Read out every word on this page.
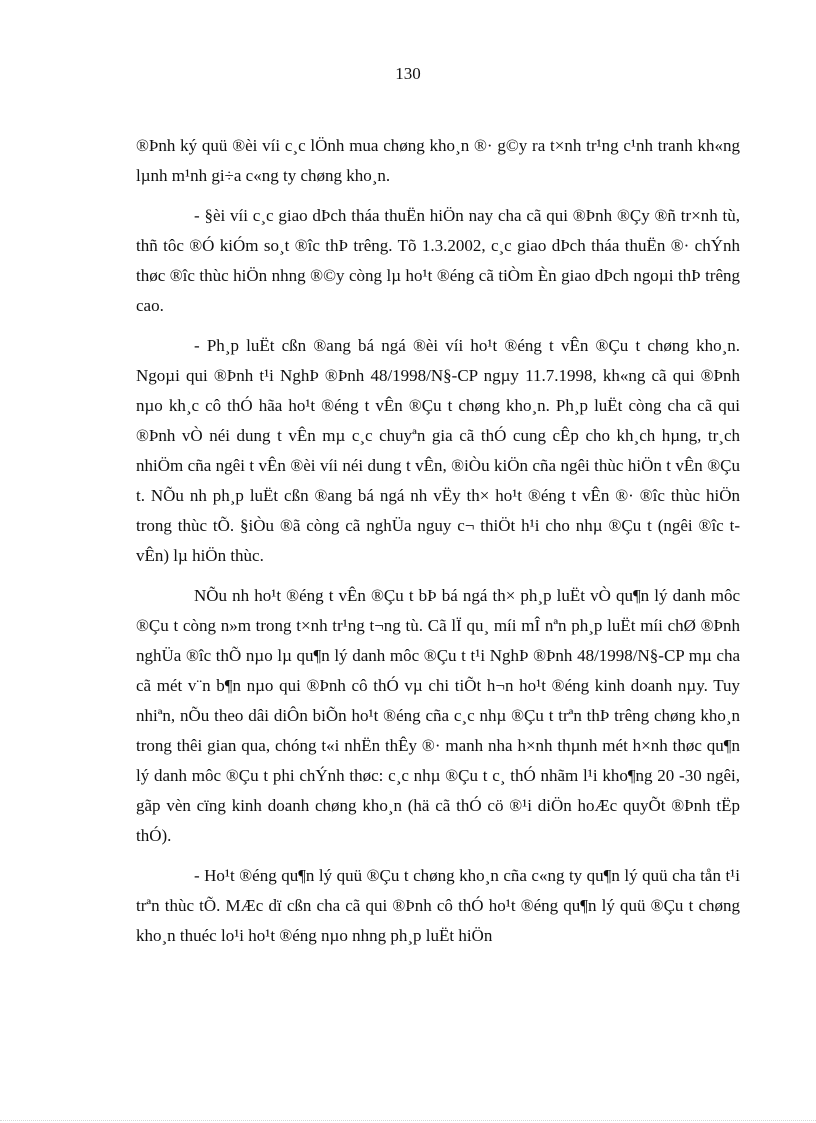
130

®Þnh ký quü ®èi víi c¸c lÖnh mua chøng kho¸n ®· g©y ra t×nh tr¹ng c¹nh tranh kh«ng lµnh m¹nh gi÷a c«ng ty chøng kho¸n.

- §èi víi c¸c giao dÞch tháa thuËn hiÖn nay cha cã qui ®Þnh ®Çy ®ñ tr×nh tù, thñ tôc ®Ó kiÓm so¸t ®îc thÞ trêng. Tõ 1.3.2002, c¸c giao dÞch tháa thuËn ®· chÝnh thøc ®îc thùc hiÖn nhng ®©y còng lµ ho¹t ®éng cã tiÒm Èn giao dÞch ngoµi thÞ trêng cao.

- Ph¸p luËt cßn ®ang bá ngá ®èi víi ho¹t ®éng t vÊn ®Çu t chøng kho¸n. Ngoµi qui ®Þnh t¹i NghÞ ®Þnh 48/1998/N§-CP ngµy 11.7.1998, kh«ng cã qui ®Þnh nµo kh¸c cô thÓ hãa ho¹t ®éng t vÊn ®Çu t chøng kho¸n. Ph¸p luËt còng cha cã qui ®Þnh vÒ néi dung t vÊn mµ c¸c chuyªn gia cã thÓ cung cÊp cho kh¸ch hµng, tr¸ch nhiÖm cña ngêi t vÊn ®èi víi néi dung t vÊn, ®iÒu kiÖn cña ngêi thùc hiÖn t vÊn ®Çu t. NÕu nh ph¸p luËt cßn ®ang bá ngá nh vËy th× ho¹t ®éng t vÊn ®· ®îc thùc hiÖn trong thùc tÕ. §iÒu ®ã còng cã nghÜa nguy c¬ thiÖt h¹i cho nhµ ®Çu t (ngêi ®îc t vÊn) lµ hiÖn thùc.

NÕu nh ho¹t ®éng t vÊn ®Çu t bÞ bá ngá th× ph¸p luËt vÒ qu¶n lý danh môc ®Çu t còng n»m trong t×nh tr¹ng t¬ng tù. Cã lÏ qu¸ míi mÎ nªn ph¸p luËt míi chØ ®Þnh nghÜa ®îc thÕ nµo lµ qu¶n lý danh môc ®Çu t t¹i NghÞ ®Þnh 48/1998/N§-CP mµ cha cã mét v¨n b¶n nµo qui ®Þnh cô thÓ vµ chi tiÕt h¬n ho¹t ®éng kinh doanh nµy. Tuy nhiªn, nÕu theo dâi diÔn biÕn ho¹t ®éng cña c¸c nhµ ®Çu t trªn thÞ trêng chøng kho¸n trong thêi gian qua, chóng t«i nhËn thÊy ®· manh nha h×nh thµnh mét h×nh thøc qu¶n lý danh môc ®Çu t phi chÝnh thøc: c¸c nhµ ®Çu t c¸ thÓ nhãm l¹i kho¶ng 20 -30 ngêi, gãp vèn cïng kinh doanh chøng kho¸n (hä cã thÓ cö ®¹i diÖn hoÆc quyÕt ®Þnh tËp thÓ).

- Ho¹t ®éng qu¶n lý quü ®Çu t chøng kho¸n cña c«ng ty qu¶n lý quü cha tån t¹i trªn thùc tÕ. MÆc dï cßn cha cã qui ®Þnh cô thÓ ho¹t ®éng qu¶n lý quü ®Çu t chøng kho¸n thuéc lo¹i ho¹t ®éng nµo nhng ph¸p luËt hiÖn
